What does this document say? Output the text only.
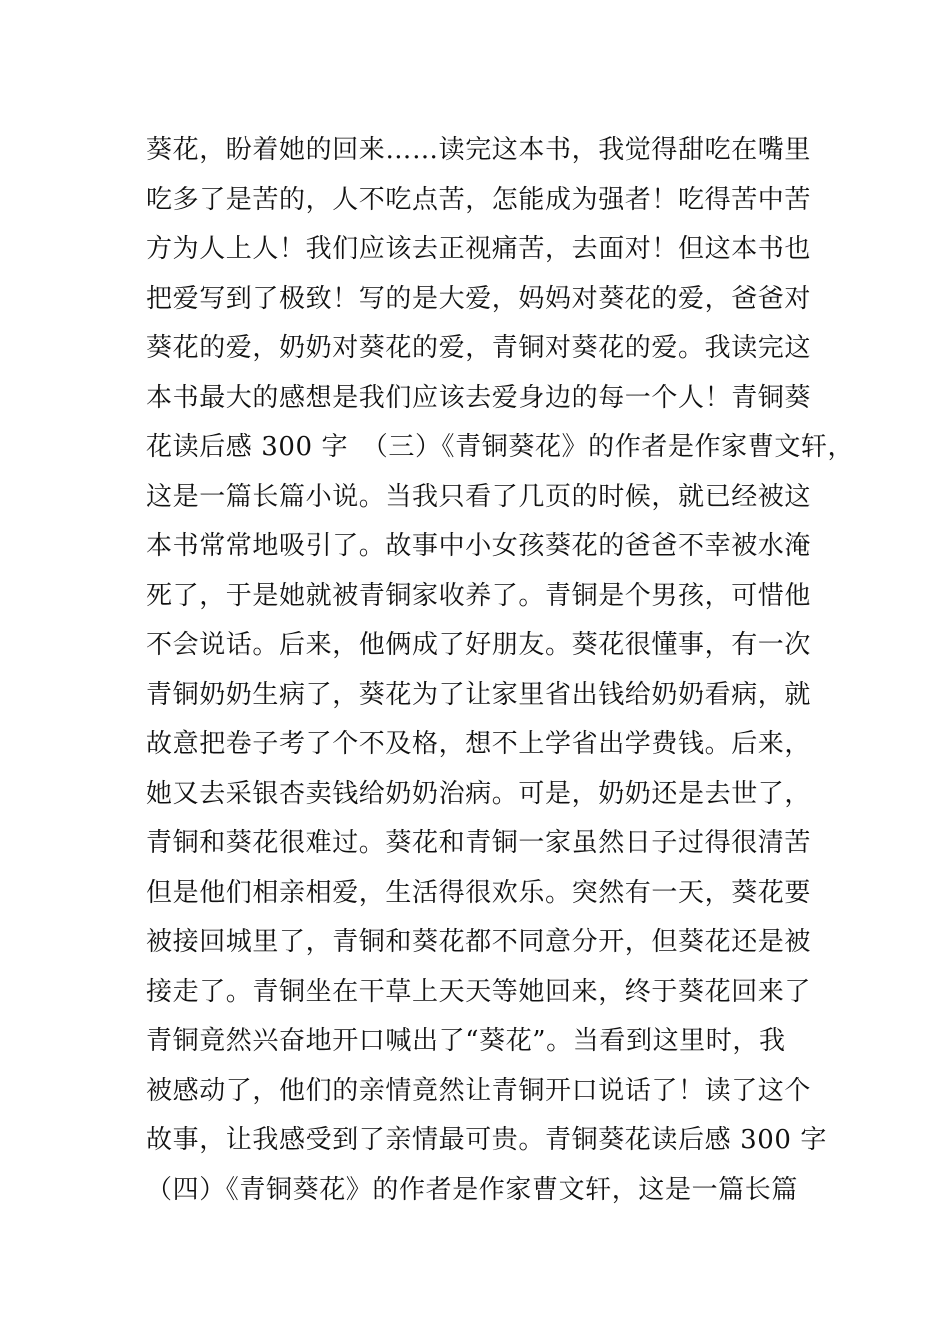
葵花，盼着她的回来……读完这本书，我觉得甜吃在嘴里
吃多了是苦的，人不吃点苦，怎能成为强者！吃得苦中苦
方为人上人！我们应该去正视痛苦，去面对！但这本书也
把爱写到了极致！写的是大爱，妈妈对葵花的爱，爸爸对
葵花的爱，奶奶对葵花的爱，青铜对葵花的爱。我读完这
本书最大的感想是我们应该去爱身边的每一个人！青铜葵
花读后感 300 字　（三）《青铜葵花》的作者是作家曹文轩，
这是一篇长篇小说。当我只看了几页的时候，就已经被这
本书常常地吸引了。故事中小女孩葵花的爸爸不幸被水淹
死了，于是她就被青铜家收养了。青铜是个男孩，可惜他
不会说话。后来，他俩成了好朋友。葵花很懂事，有一次
青铜奶奶生病了，葵花为了让家里省出钱给奶奶看病，就
故意把卷子考了个不及格，想不上学省出学费钱。后来，
她又去采银杏卖钱给奶奶治病。可是，奶奶还是去世了，
青铜和葵花很难过。葵花和青铜一家虽然日子过得很清苦
但是他们相亲相爱，生活得很欢乐。突然有一天，葵花要
被接回城里了，青铜和葵花都不同意分开，但葵花还是被
接走了。青铜坐在干草上天天等她回来，终于葵花回来了
青铜竟然兴奋地开口喊出了“葵花”。当看到这里时，我
被感动了，他们的亲情竟然让青铜开口说话了！读了这个
故事，让我感受到了亲情最可贵。青铜葵花读后感 300 字
（四）《青铜葵花》的作者是作家曹文轩，这是一篇长篇
